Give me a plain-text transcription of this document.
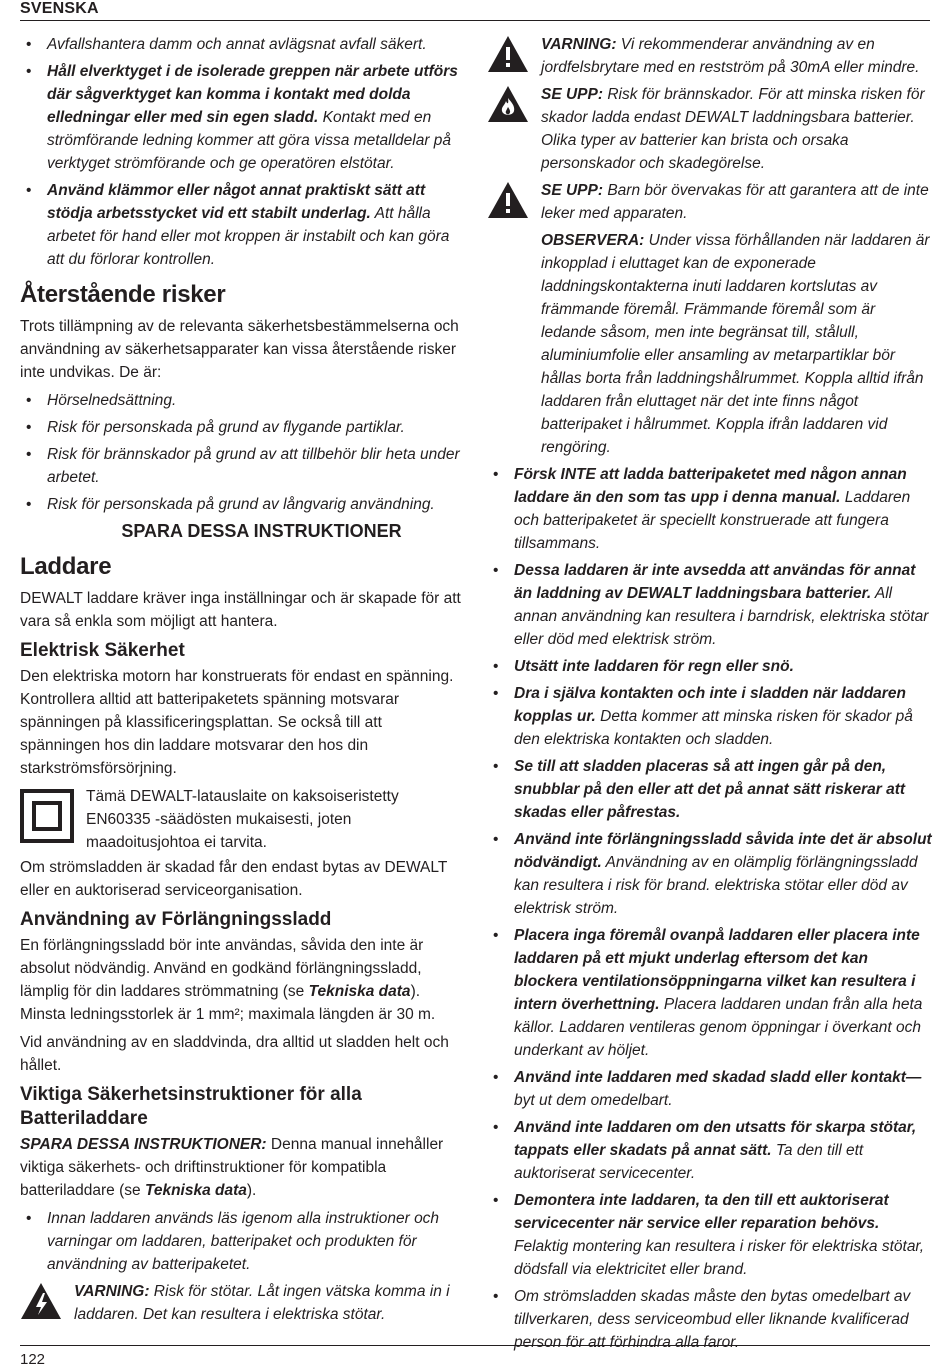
SVENSKA
• Avfallshantera damm och annat avlägsnat avfall säkert.
• Håll elverktyget i de isolerade greppen när arbete utförs där sågverktyget kan komma i kontakt med dolda elledningar eller med sin egen sladd. Kontakt med en strömförande ledning kommer att göra vissa metalldelar på verktyget strömförande och ge operatören elstötar.
• Använd klämmor eller något annat praktiskt sätt att stödja arbetsstycket vid ett stabilt underlag. Att hålla arbetet för hand eller mot kroppen är instabilt och kan göra att du förlorar kontrollen.
Återstående risker

Trots tillämpning av de relevanta säkerhetsbestämmelserna och användning av säkerhetsapparater kan vissa återstående risker inte undvikas. De är:

• Hörselnedsättning.
• Risk för personskada på grund av flygande partiklar.
• Risk för brännskador på grund av att tillbehör blir heta under arbetet.
• Risk för personskada på grund av långvarig användning.
SPARA DESSA INSTRUKTIONER
Laddare

DEWALT laddare kräver inga inställningar och är skapade för att vara så enkla som möjligt att hantera.

Elektrisk Säkerhet

Den elektriska motorn har konstruerats för endast en spänning. Kontrollera alltid att batteripaketets spänning motsvarar spänningen på klassificeringsplattan. Se också till att spänningen hos din laddare motsvarar den hos din starkströmsförsörjning.

Tämä DEWALT-latauslaite on kaksoiseristetty EN60335 -säädösten mukaisesti, joten maadoitusjohtoa ei tarvita.

Om strömsladden är skadad får den endast bytas av DEWALT eller en auktoriserad serviceorganisation.

Användning av Förlängningssladd

En förlängningssladd bör inte användas, såvida den inte är absolut nödvändig. Använd en godkänd förlängningssladd, lämplig för din laddares strömmatning (se Tekniska data). Minsta ledningsstorlek är 1 mm²; maximala längden är 30 m.

Vid användning av en sladdvinda, dra alltid ut sladden helt och hållet.

Viktiga Säkerhetsinstruktioner för alla Batteriladdare

SPARA DESSA INSTRUKTIONER: Denna manual innehåller viktiga säkerhets- och driftinstruktioner för kompatibla batteriladdare (se Tekniska data).

• Innan laddaren används läs igenom alla instruktioner och varningar om laddaren, batteripaket och produkten för användning av batteripaketet.
VARNING: Risk för stötar. Låt ingen vätska komma in i laddaren. Det kan resultera i elektriska stötar.
VARNING: Vi rekommenderar användning av en jordfelsbrytare med en restström på 30mA eller mindre.
SE UPP: Risk för brännskador. För att minska risken för skador ladda endast DEWALT laddningsbara batterier. Olika typer av batterier kan brista och orsaka personskador och skadegörelse.
SE UPP: Barn bör övervakas för att garantera att de inte leker med apparaten.
OBSERVERA: Under vissa förhållanden när laddaren är inkopplad i eluttaget kan de exponerade laddningskontakterna inuti laddaren kortslutas av främmande föremål. Främmande föremål som är ledande såsom, men inte begränsat till, stålull, aluminiumfolie eller ansamling av metarpartiklar bör hållas borta från laddningshålrummet. Koppla alltid ifrån laddaren från eluttaget när det inte finns något batteripaket i hålrummet. Koppla ifrån laddaren vid rengöring.
• Försk INTE att ladda batteripaketet med någon annan laddare än den som tas upp i denna manual. Laddaren och batteripaketet är speciellt konstruerade att fungera tillsammans.
• Dessa laddaren är inte avsedda att användas för annat än laddning av DEWALT laddningsbara batterier. All annan användning kan resultera i barndrisk, elektriska stötar eller död med elektrisk ström.
• Utsätt inte laddaren för regn eller snö.
• Dra i själva kontakten och inte i sladden när laddaren kopplas ur. Detta kommer att minska risken för skador på den elektriska kontakten och sladden.
• Se till att sladden placeras så att ingen går på den, snubblar på den eller att det på annat sätt riskerar att skadas eller påfrestas.
• Använd inte förlängningssladd såvida inte det är absolut nödvändigt. Användning av en olämplig förlängningssladd kan resultera i risk för brand. elektriska stötar eller död av elektrisk ström.
• Placera inga föremål ovanpå laddaren eller placera inte laddaren på ett mjukt underlag eftersom det kan blockera ventilationsöppningarna vilket kan resultera i intern överhettning. Placera laddaren undan från alla heta källor. Laddaren ventileras genom öppningar i överkant och underkant av höljet.
• Använd inte laddaren med skadad sladd eller kontakt— byt ut dem omedelbart.
• Använd inte laddaren om den utsatts för skarpa stötar, tappats eller skadats på annat sätt. Ta den till ett auktoriserat servicecenter.
• Demontera inte laddaren, ta den till ett auktoriserat servicecenter när service eller reparation behövs. Felaktig montering kan resultera i risker för elektriska stötar, dödsfall via elektricitet eller brand.
• Om strömsladden skadas måste den bytas omedelbart av tillverkaren, dess serviceombud eller liknande kvalificerad person för att förhindra alla faror.
122
